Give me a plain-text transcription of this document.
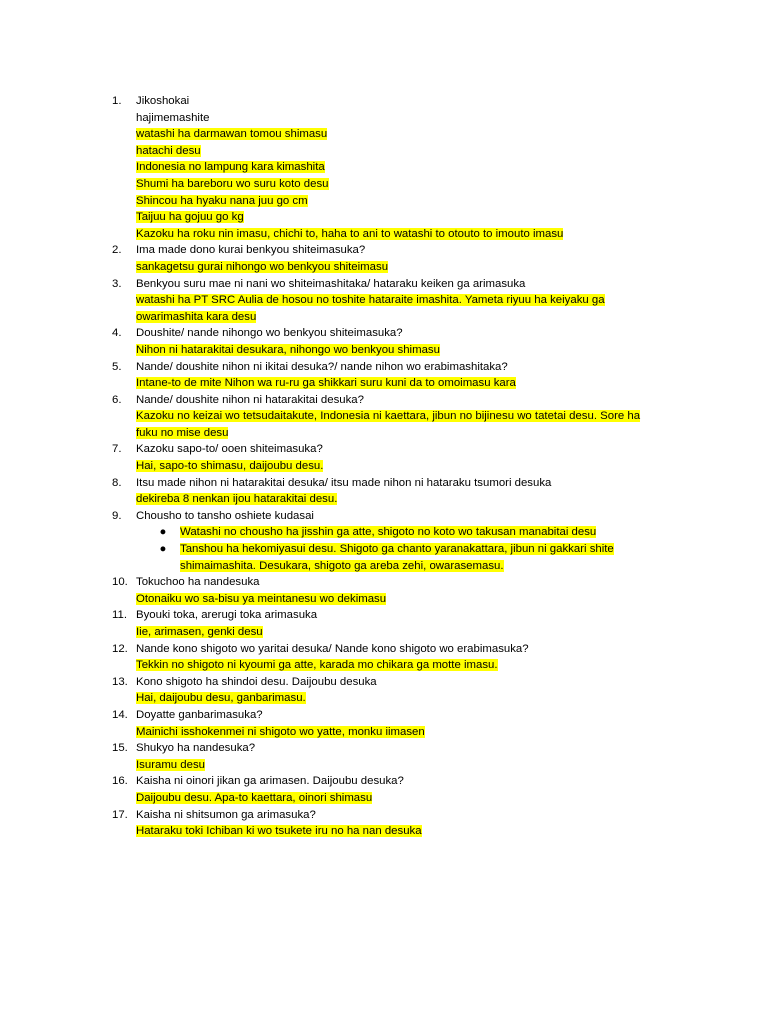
1.	Jikoshokai
hajimemashite
watashi ha darmawan tomou shimasu
hatachi desu
Indonesia no lampung kara kimashita
Shumi ha bareboru wo suru koto desu
Shincou ha hyaku nana juu go cm
Taijuu ha gojuu go kg
Kazoku ha roku nin imasu, chichi to, haha to ani to watashi to otouto to imouto imasu
2.	Ima made dono kurai benkyou shiteimasuka?
sankagetsu gurai nihongo wo benkyou shiteimasu
3.	Benkyou suru mae ni nani wo shiteimashitaka/ hataraku keiken ga arimasuka
watashi ha PT SRC Aulia de hosou no toshite hataraite imashita. Yameta riyuu ha keiyaku ga
owarimashita kara desu
4.	Doushite/ nande nihongo wo benkyou shiteimasuka?
Nihon ni hatarakitai desukara, nihongo wo benkyou shimasu
5.	Nande/ doushite nihon ni ikitai desuka?/ nande nihon wo erabimashitaka?
Intane-to de mite Nihon wa ru-ru ga shikkari suru kuni da to omoimasu kara
6.	Nande/ doushite nihon ni hatarakitai desuka?
Kazoku no keizai wo tetsudaitakute, Indonesia ni kaettara, jibun no bijinesu wo tatetai desu. Sore ha
fuku no mise desu
7.	Kazoku sapo-to/ ooen shiteimasuka?
Hai, sapo-to shimasu, daijoubu desu.
8.	Itsu made nihon ni hatarakitai desuka/ itsu made nihon ni hataraku tsumori desuka
dekireba 8 nenkan ijou hatarakitai desu.
9.	Chousho to tansho oshiete kudasai
● Watashi no chousho ha jisshin ga atte, shigoto no koto wo takusan manabitai desu
● Tanshou ha hekomiyasui desu. Shigoto ga chanto yaranakattara, jibun ni gakkari shite
shimaimashita. Desukara, shigoto ga areba zehi, owarasemasu.
10. Tokuchoo ha nandesuka
Otonaiku wo sa-bisu ya meintanesu wo dekimasu
11. Byouki toka, arerugi toka arimasuka
Iie, arimasen, genki desu
12. Nande kono shigoto wo yaritai desuka/ Nande kono shigoto wo erabimasuka?
Tekkin no shigoto ni kyoumi ga atte, karada mo chikara ga motte imasu.
13. Kono shigoto ha shindoi desu. Daijoubu desuka
Hai, daijoubu desu, ganbarimasu.
14. Doyatte ganbarimasuka?
Mainichi isshokenmei ni shigoto wo yatte, monku iimasen
15. Shukyo ha nandesuka?
Isuramu desu
16. Kaisha ni oinori jikan ga arimasen. Daijoubu desuka?
Daijoubu desu. Apa-to kaettara, oinori shimasu
17. Kaisha ni shitsumon ga arimasuka?
Hataraku toki Ichiban ki wo tsukete iru no ha nan desuka
